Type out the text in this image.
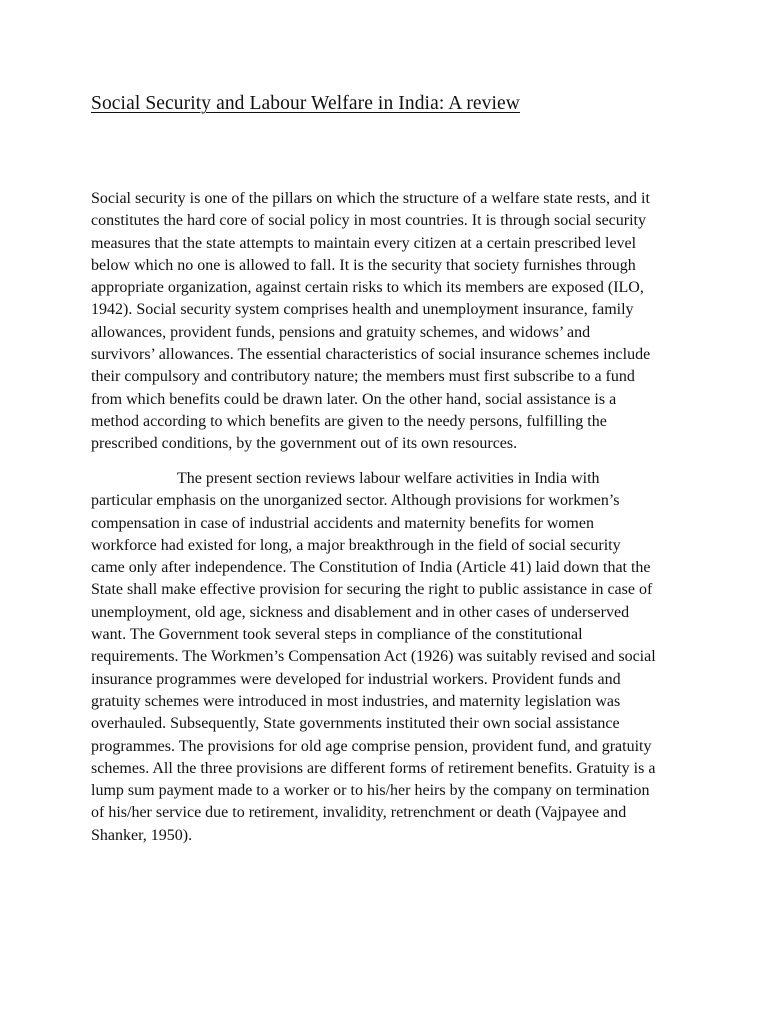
Social Security and Labour Welfare in India: A review

Social security is one of the pillars on which the structure of a welfare state rests, and it
constitutes the hard core of social policy in most countries. It is through social security
measures that the state attempts to maintain every citizen at a certain prescribed level
below which no one is allowed to fall. It is the security that society furnishes through
appropriate organization, against certain risks to which its members are exposed (ILO,
1942). Social security system comprises health and unemployment insurance, family
allowances, provident funds, pensions and gratuity schemes, and widows’ and
survivors’ allowances. The essential characteristics of social insurance schemes include
their compulsory and contributory nature; the members must first subscribe to a fund
from which benefits could be drawn later. On the other hand, social assistance is a
method according to which benefits are given to the needy persons, fulfilling the
prescribed conditions, by the government out of its own resources.

The present section reviews labour welfare activities in India with
particular emphasis on the unorganized sector. Although provisions for workmen’s
compensation in case of industrial accidents and maternity benefits for women
workforce had existed for long, a major breakthrough in the field of social security
came only after independence. The Constitution of India (Article 41) laid down that the
State shall make effective provision for securing the right to public assistance in case of
unemployment, old age, sickness and disablement and in other cases of underserved
want. The Government took several steps in compliance of the constitutional
requirements. The Workmen’s Compensation Act (1926) was suitably revised and social
insurance programmes were developed for industrial workers. Provident funds and
gratuity schemes were introduced in most industries, and maternity legislation was
overhauled. Subsequently, State governments instituted their own social assistance
programmes. The provisions for old age comprise pension, provident fund, and gratuity
schemes. All the three provisions are different forms of retirement benefits. Gratuity is a
lump sum payment made to a worker or to his/her heirs by the company on termination
of his/her service due to retirement, invalidity, retrenchment or death (Vajpayee and
Shanker, 1950).
